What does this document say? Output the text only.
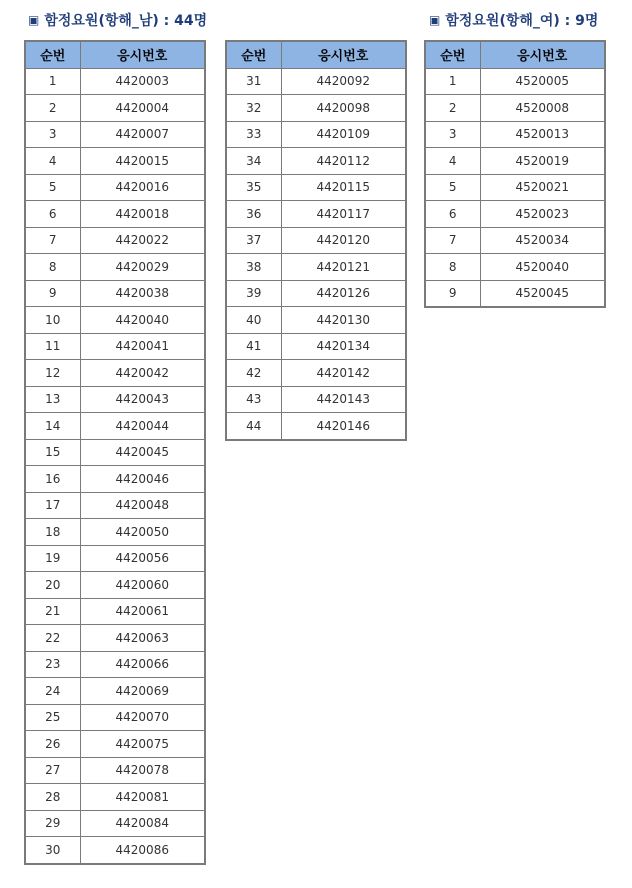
▣ 함정요원(항해_남) : 44명	▣ 함정요원(항해_여) : 9명
순번	응시번호
1	4420003
2	4420004
3	4420007
4	4420015
5	4420016
6	4420018
7	4420022
8	4420029
9	4420038
10	4420040
11	4420041
12	4420042
13	4420043
14	4420044
15	4420045
16	4420046
17	4420048
18	4420050
19	4420056
20	4420060
21	4420061
22	4420063
23	4420066
24	4420069
25	4420070
26	4420075
27	4420078
28	4420081
29	4420084
30	4420086
순번	응시번호
31	4420092
32	4420098
33	4420109
34	4420112
35	4420115
36	4420117
37	4420120
38	4420121
39	4420126
40	4420130
41	4420134
42	4420142
43	4420143
44	4420146
순번	응시번호
1	4520005
2	4520008
3	4520013
4	4520019
5	4520021
6	4520023
7	4520034
8	4520040
9	4520045
